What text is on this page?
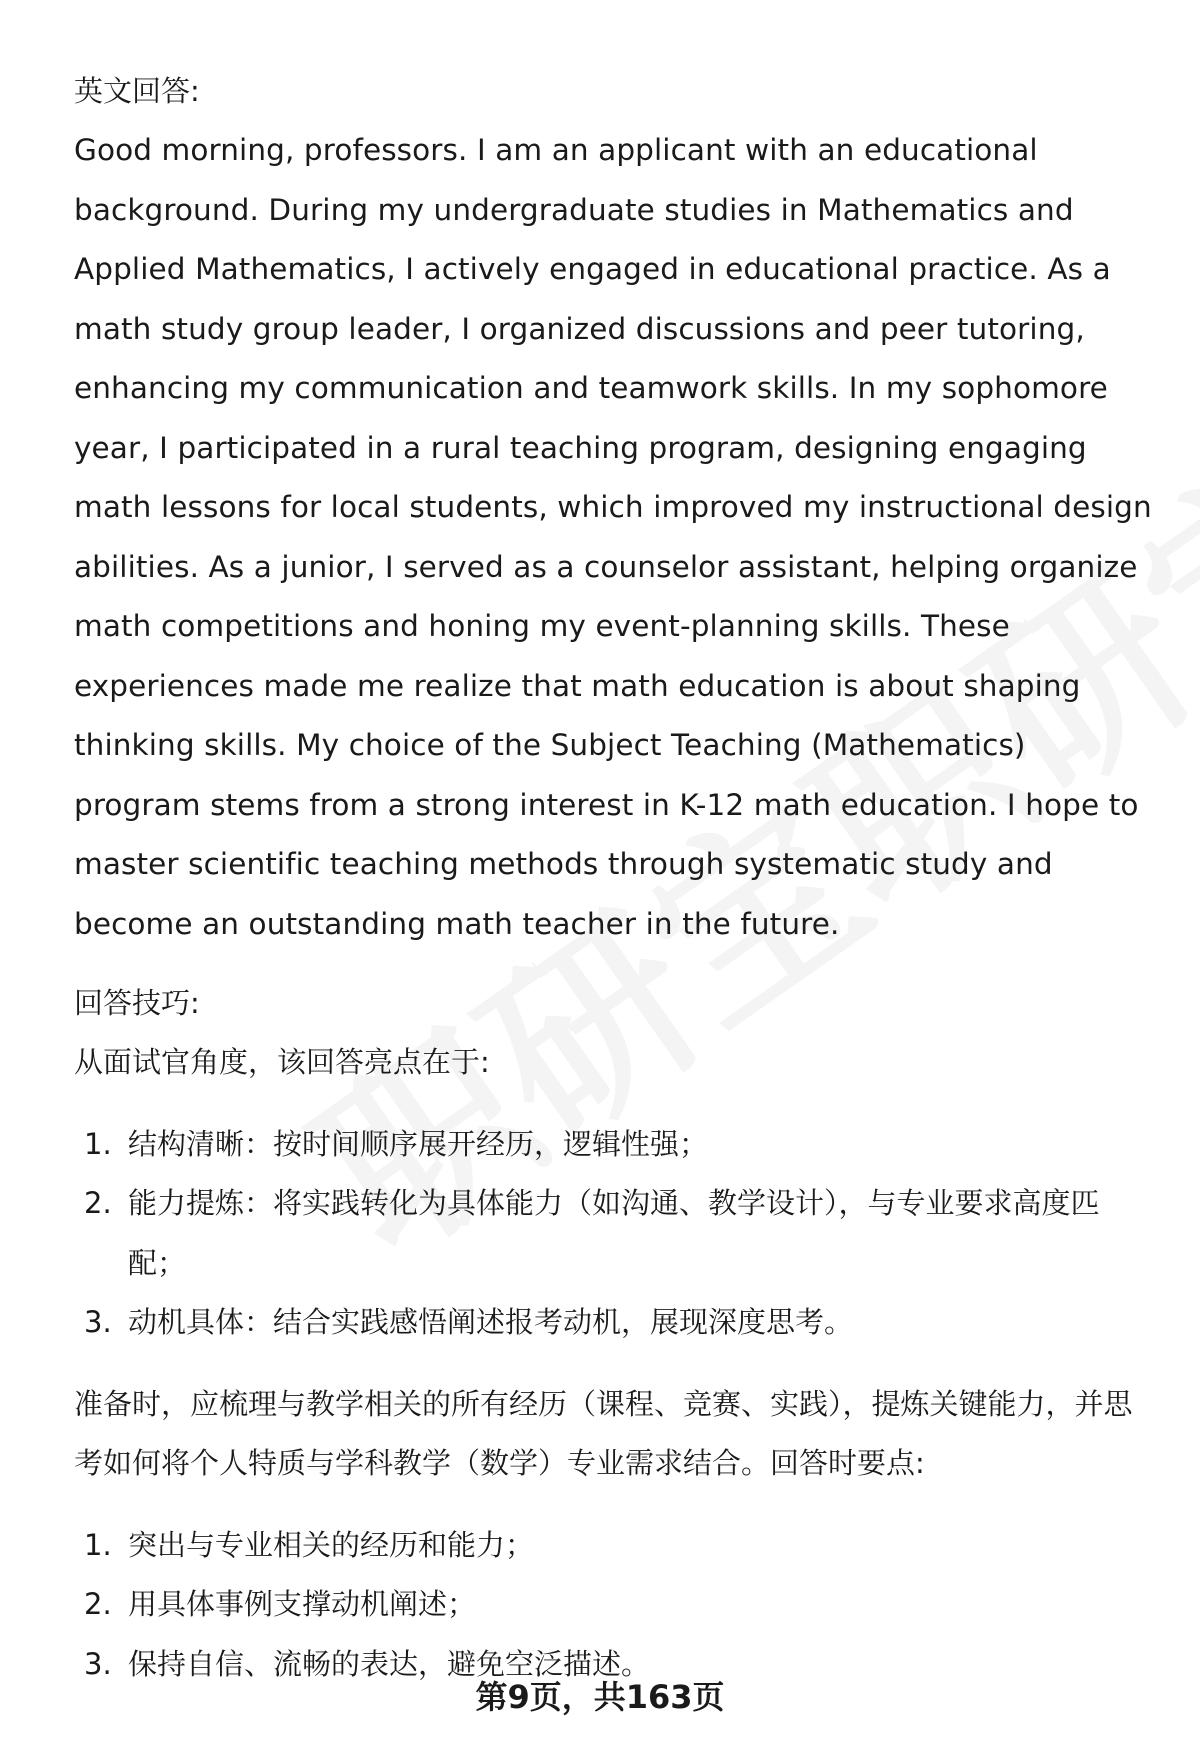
英文回答:

Good morning, professors. I am an applicant with an educational background. During my undergraduate studies in Mathematics and Applied Mathematics, I actively engaged in educational practice. As a math study group leader, I organized discussions and peer tutoring, enhancing my communication and teamwork skills. In my sophomore year, I participated in a rural teaching program, designing engaging math lessons for local students, which improved my instructional design abilities. As a junior, I served as a counselor assistant, helping organize math competitions and honing my event-planning skills. These experiences made me realize that math education is about shaping thinking skills. My choice of the Subject Teaching (Mathematics) program stems from a strong interest in K-12 math education. I hope to master scientific teaching methods through systematic study and become an outstanding math teacher in the future.

回答技巧:

从面试官角度，该回答亮点在于:

1. 结构清晰：按时间顺序展开经历，逻辑性强；
2. 能力提炼：将实践转化为具体能力（如沟通、教学设计），与专业要求高度匹配；
3. 动机具体：结合实践感悟阐述报考动机，展现深度思考。

准备时，应梳理与教学相关的所有经历（课程、竞赛、实践），提炼关键能力，并思考如何将个人特质与学科教学（数学）专业需求结合。回答时要点:

1. 突出与专业相关的经历和能力；
2. 用具体事例支撑动机阐述；
3. 保持自信、流畅的表达，避免空泛描述。
第9页，共163页
